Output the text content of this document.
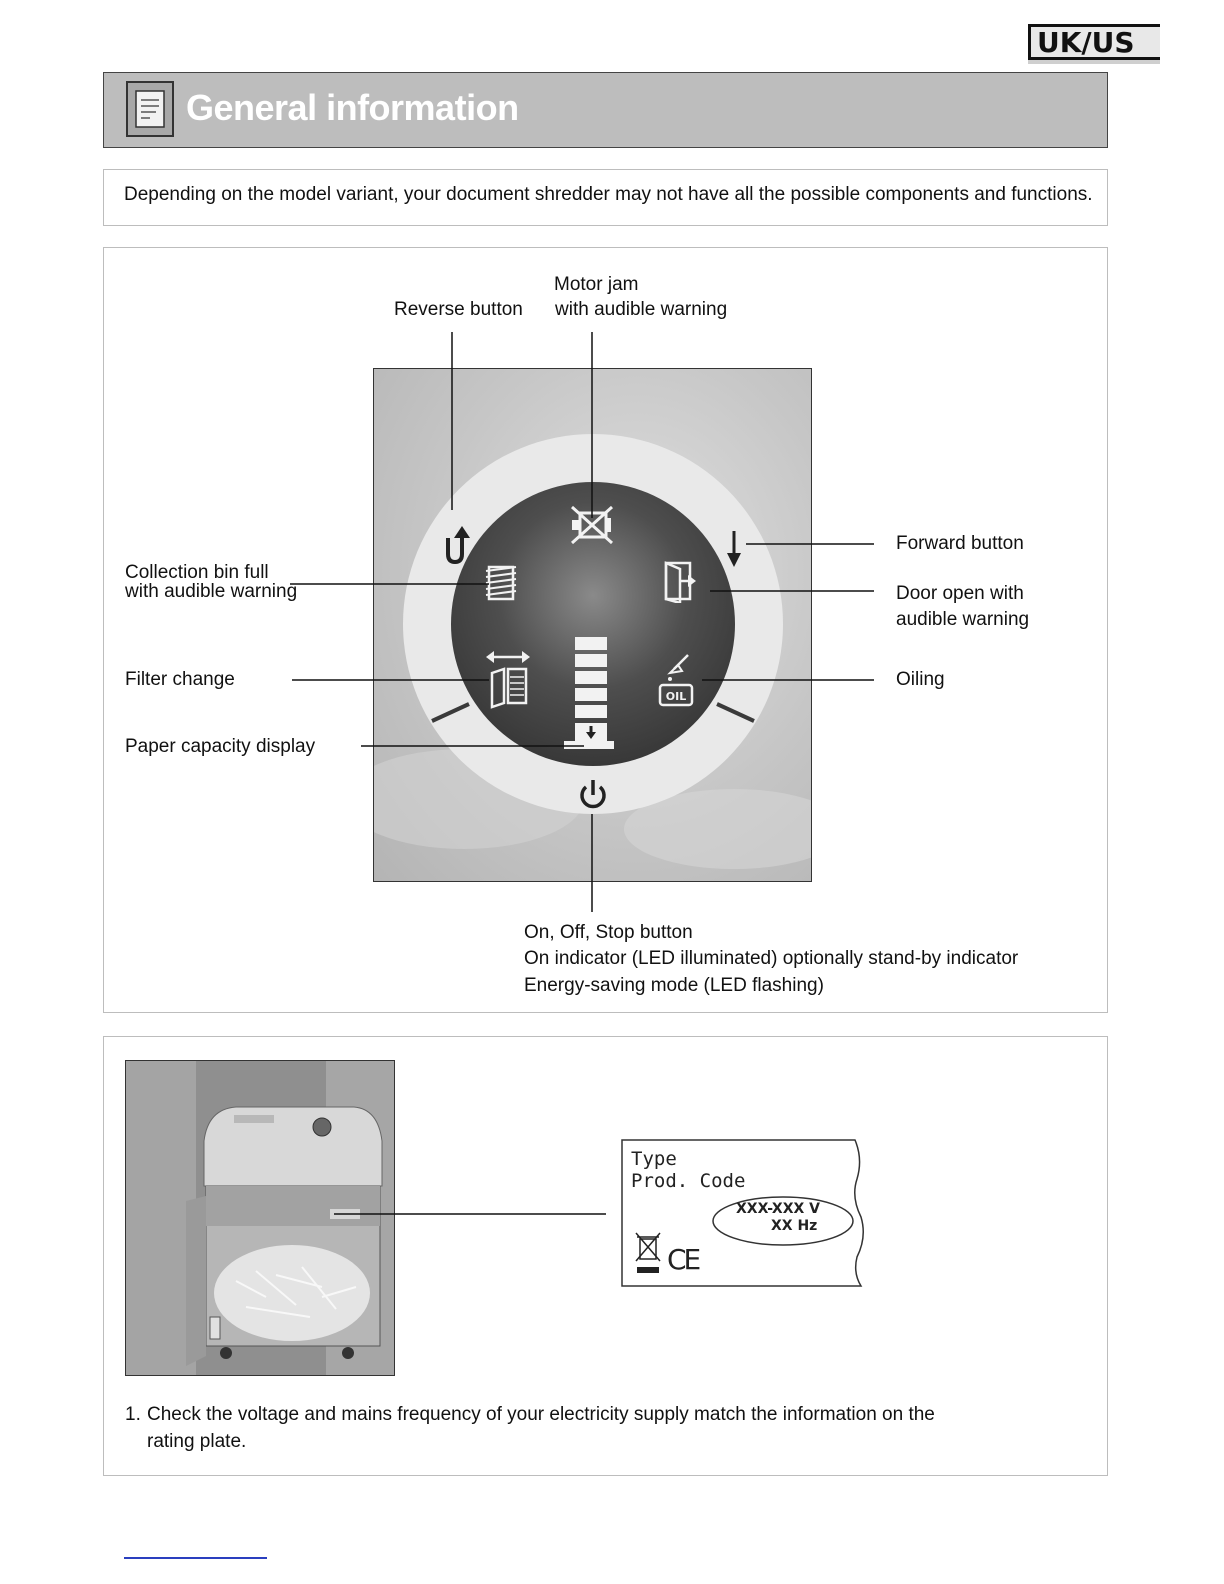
UK/US
General information
Depending on the model variant, your document shredder may not have all the possible components and functions.
OIL
Motor jam
with audible warning
Reverse button
Forward button
Collection bin full
with audible warning	Door open with
audible warning
Filter change	Oiling
Paper capacity display
On, Off, Stop button
On indicator (LED illuminated) optionally stand-by indicator
Energy-saving mode (LED flashing)
Type
Prod. Code
XXX-XXX V
XX Hz
CE
1. Check the voltage and mains frequency of your electricity supply match the information on the
rating plate.
